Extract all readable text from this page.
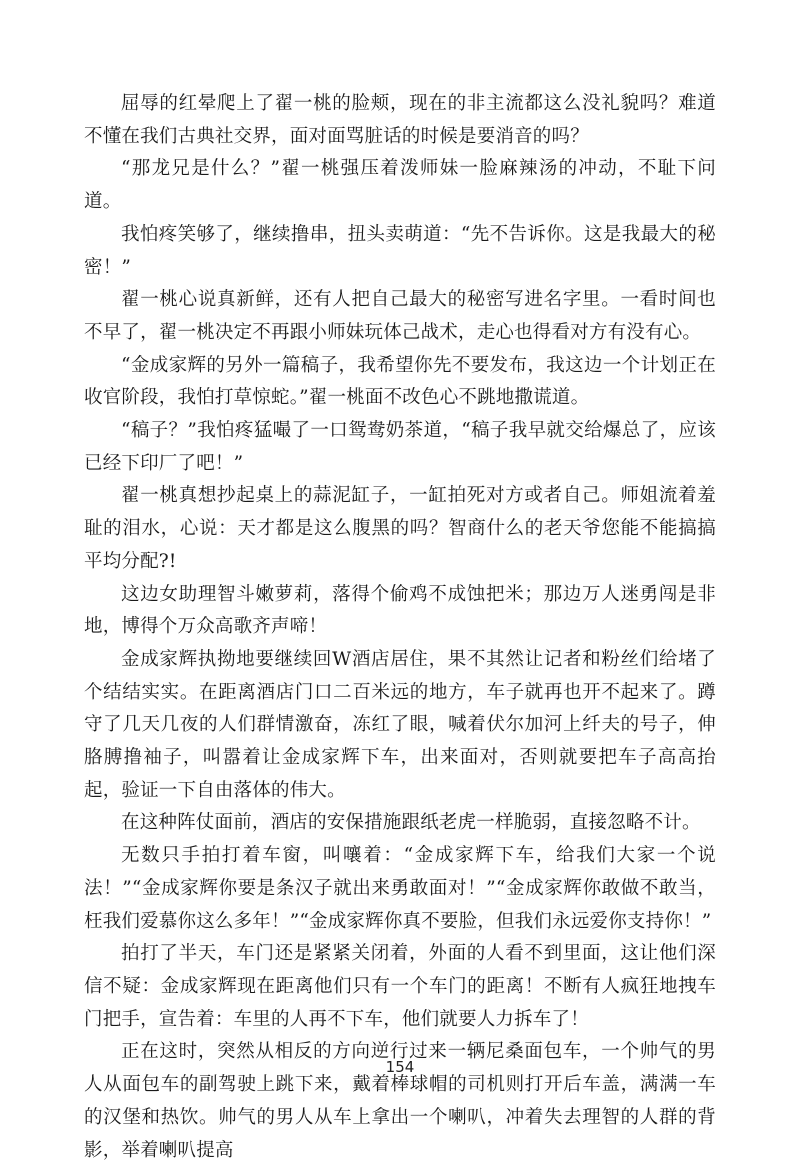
屈辱的红晕爬上了翟一桃的脸颊，现在的非主流都这么没礼貌吗？难道不懂在我们古典社交界，面对面骂脏话的时候是要消音的吗？

“那龙兄是什么？”翟一桃强压着泼师妹一脸麻辣汤的冲动，不耻下问道。

我怕疼笑够了，继续撸串，扭头卖萌道：“先不告诉你。这是我最大的秘密！”

翟一桃心说真新鲜，还有人把自己最大的秘密写进名字里。一看时间也不早了，翟一桃决定不再跟小师妹玩体己战术，走心也得看对方有没有心。

“金成家辉的另外一篇稿子，我希望你先不要发布，我这边一个计划正在收官阶段，我怕打草惊蛇。”翟一桃面不改色心不跳地撒谎道。

“稿子？”我怕疼猛嘬了一口鸳鸯奶茶道，“稿子我早就交给爆总了，应该已经下印厂了吧！”

翟一桃真想抄起桌上的蒜泥缸子，一缸拍死对方或者自己。师姐流着羞耻的泪水，心说：天才都是这么腹黑的吗？智商什么的老天爷您能不能搞搞平均分配?!

这边女助理智斗嫩萝莉，落得个偷鸡不成蚀把米；那边万人迷勇闯是非地，博得个万众高歌齐声啼！

金成家辉执拗地要继续回W酒店居住，果不其然让记者和粉丝们给堵了个结结实实。在距离酒店门口二百米远的地方，车子就再也开不起来了。蹲守了几天几夜的人们群情激奋，冻红了眼，喊着伏尔加河上纤夫的号子，伸胳膊撸袖子，叫嚣着让金成家辉下车，出来面对，否则就要把车子高高抬起，验证一下自由落体的伟大。

在这种阵仗面前，酒店的安保措施跟纸老虎一样脆弱，直接忽略不计。

无数只手拍打着车窗，叫嚷着：“金成家辉下车，给我们大家一个说法！”“金成家辉你要是条汉子就出来勇敢面对！”“金成家辉你敢做不敢当，枉我们爱慕你这么多年！”“金成家辉你真不要脸，但我们永远爱你支持你！”

拍打了半天，车门还是紧紧关闭着，外面的人看不到里面，这让他们深信不疑：金成家辉现在距离他们只有一个车门的距离！不断有人疯狂地拽车门把手，宣告着：车里的人再不下车，他们就要人力拆车了！

正在这时，突然从相反的方向逆行过来一辆尼桑面包车，一个帅气的男人从面包车的副驾驶上跳下来，戴着棒球帽的司机则打开后车盖，满满一车的汉堡和热饮。帅气的男人从车上拿出一个喇叭，冲着失去理智的人群的背影，举着喇叭提高

154
